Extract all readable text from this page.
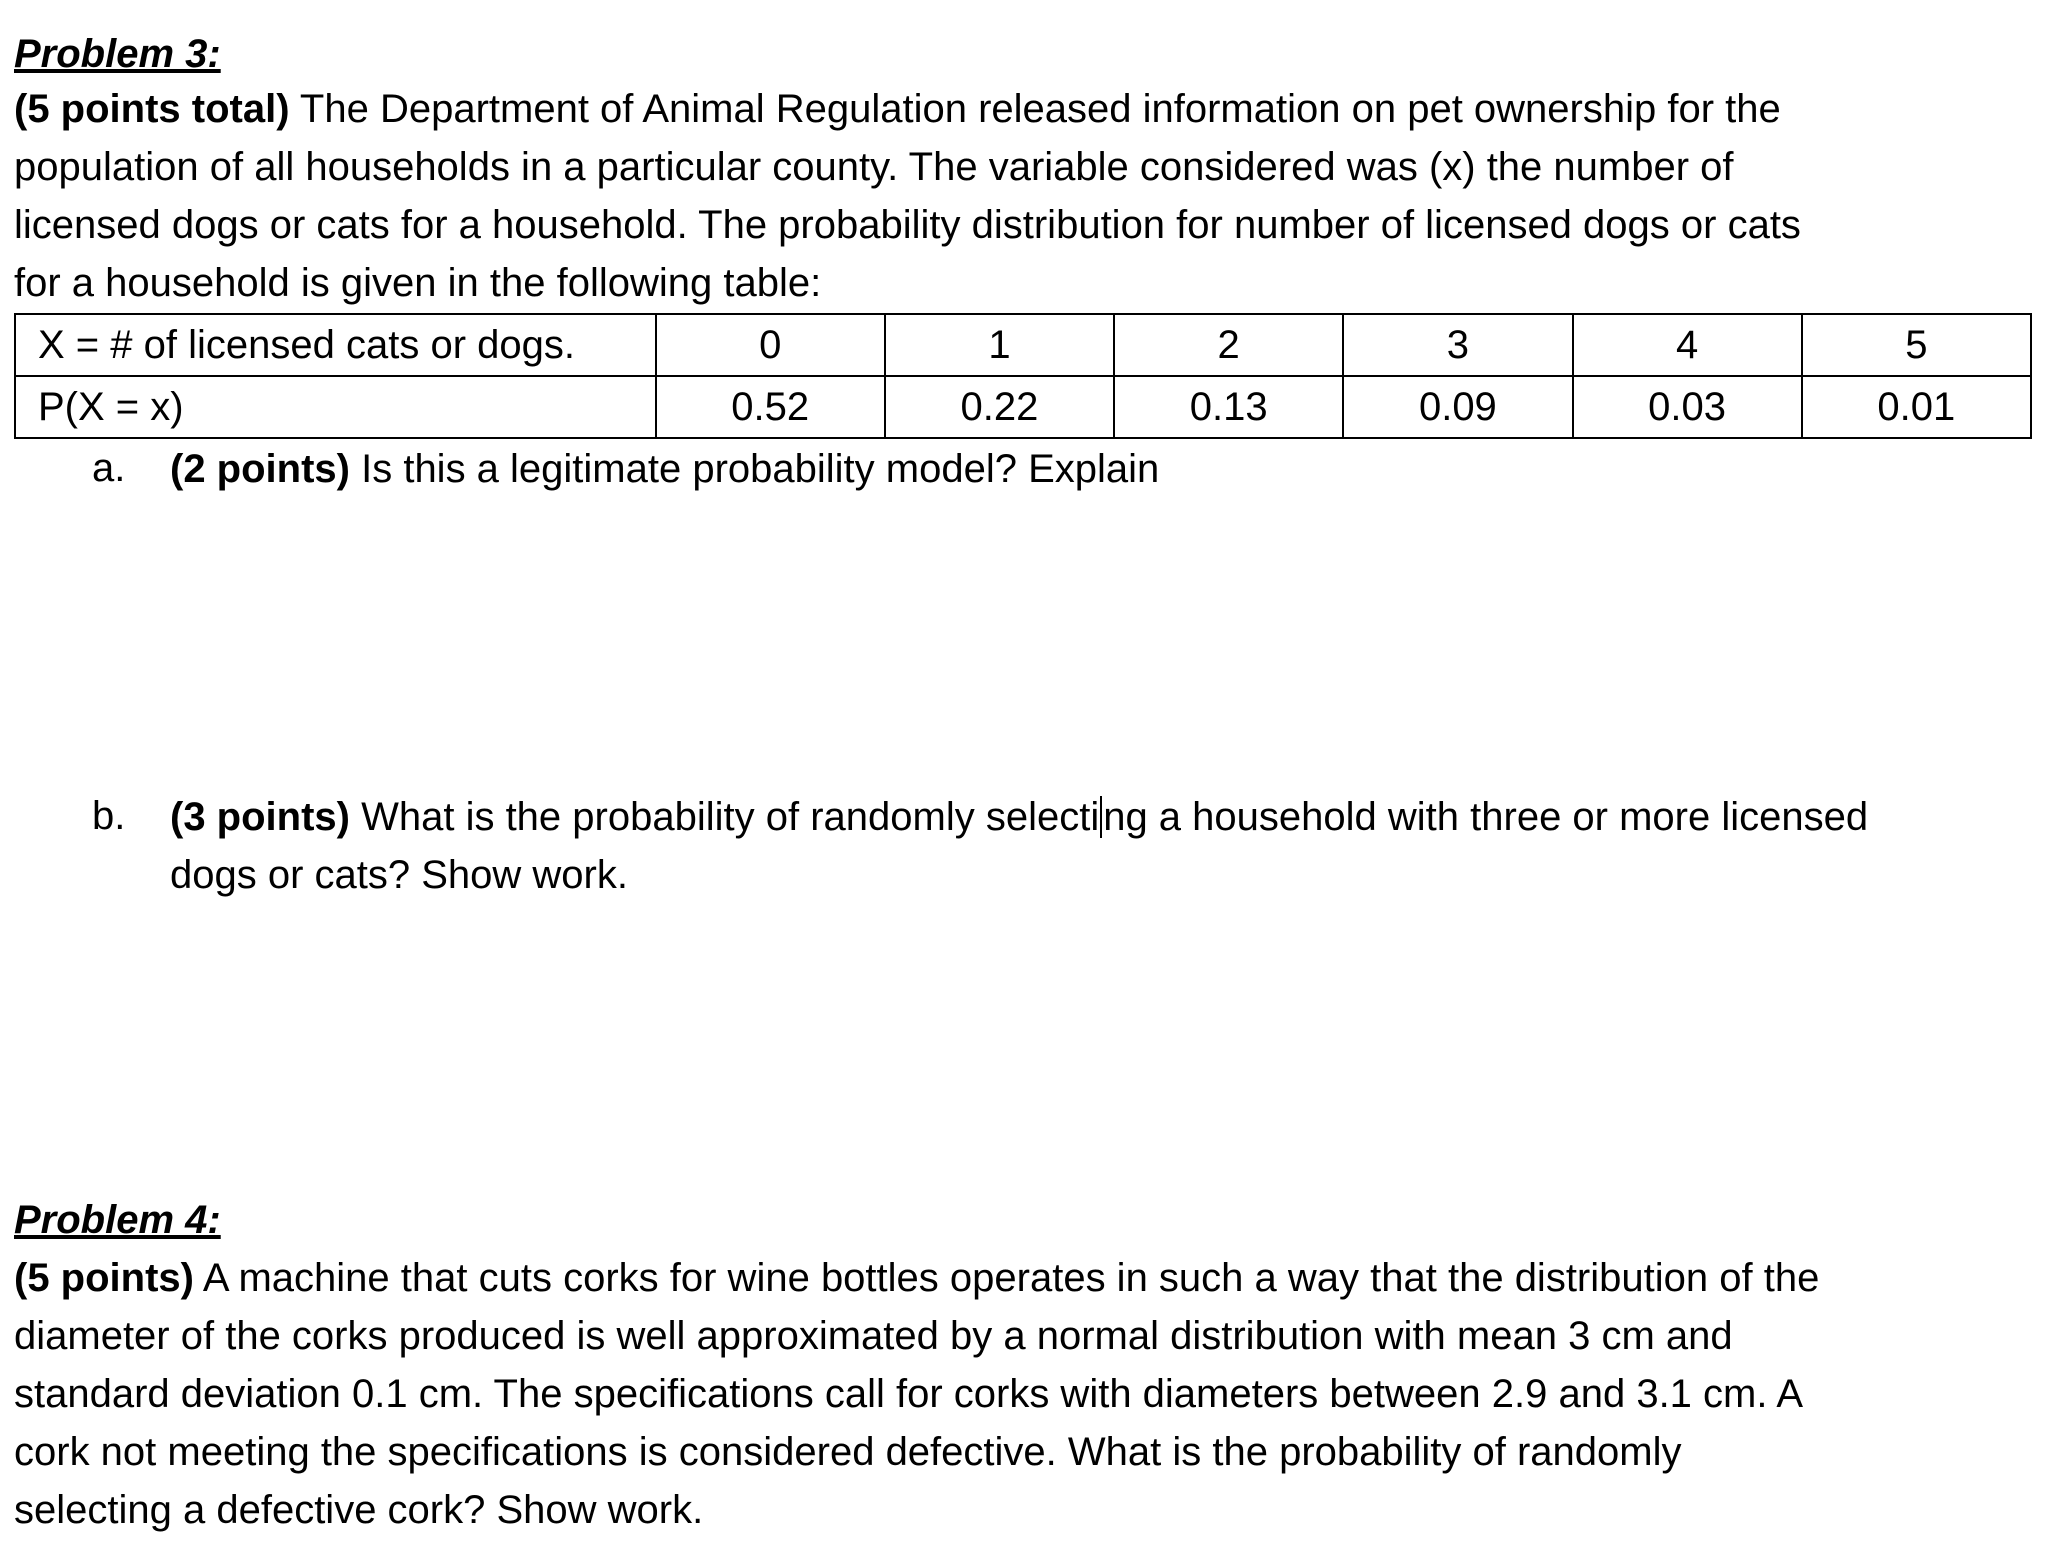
Problem 3:
(5 points total) The Department of Animal Regulation released information on pet ownership for the
population of all households in a particular county. The variable considered was (x) the number of
licensed dogs or cats for a household. The probability distribution for number of licensed dogs or cats
for a household is given in the following table:
X = # of licensed cats or dogs.	0	1	2	3	4	5
P(X = x)	0.52	0.22	0.13	0.09	0.03	0.01
a. (2 points) Is this a legitimate probability model? Explain
b. (3 points) What is the probability of randomly selecti ng a household with three or more licensed
dogs or cats? Show work.
Problem 4:
(5 points) A machine that cuts corks for wine bottles operates in such a way that the distribution of the
diameter of the corks produced is well approximated by a normal distribution with mean 3 cm and
standard deviation 0.1 cm. The specifications call for corks with diameters between 2.9 and 3.1 cm. A
cork not meeting the specifications is considered defective. What is the probability of randomly
selecting a defective cork? Show work.
